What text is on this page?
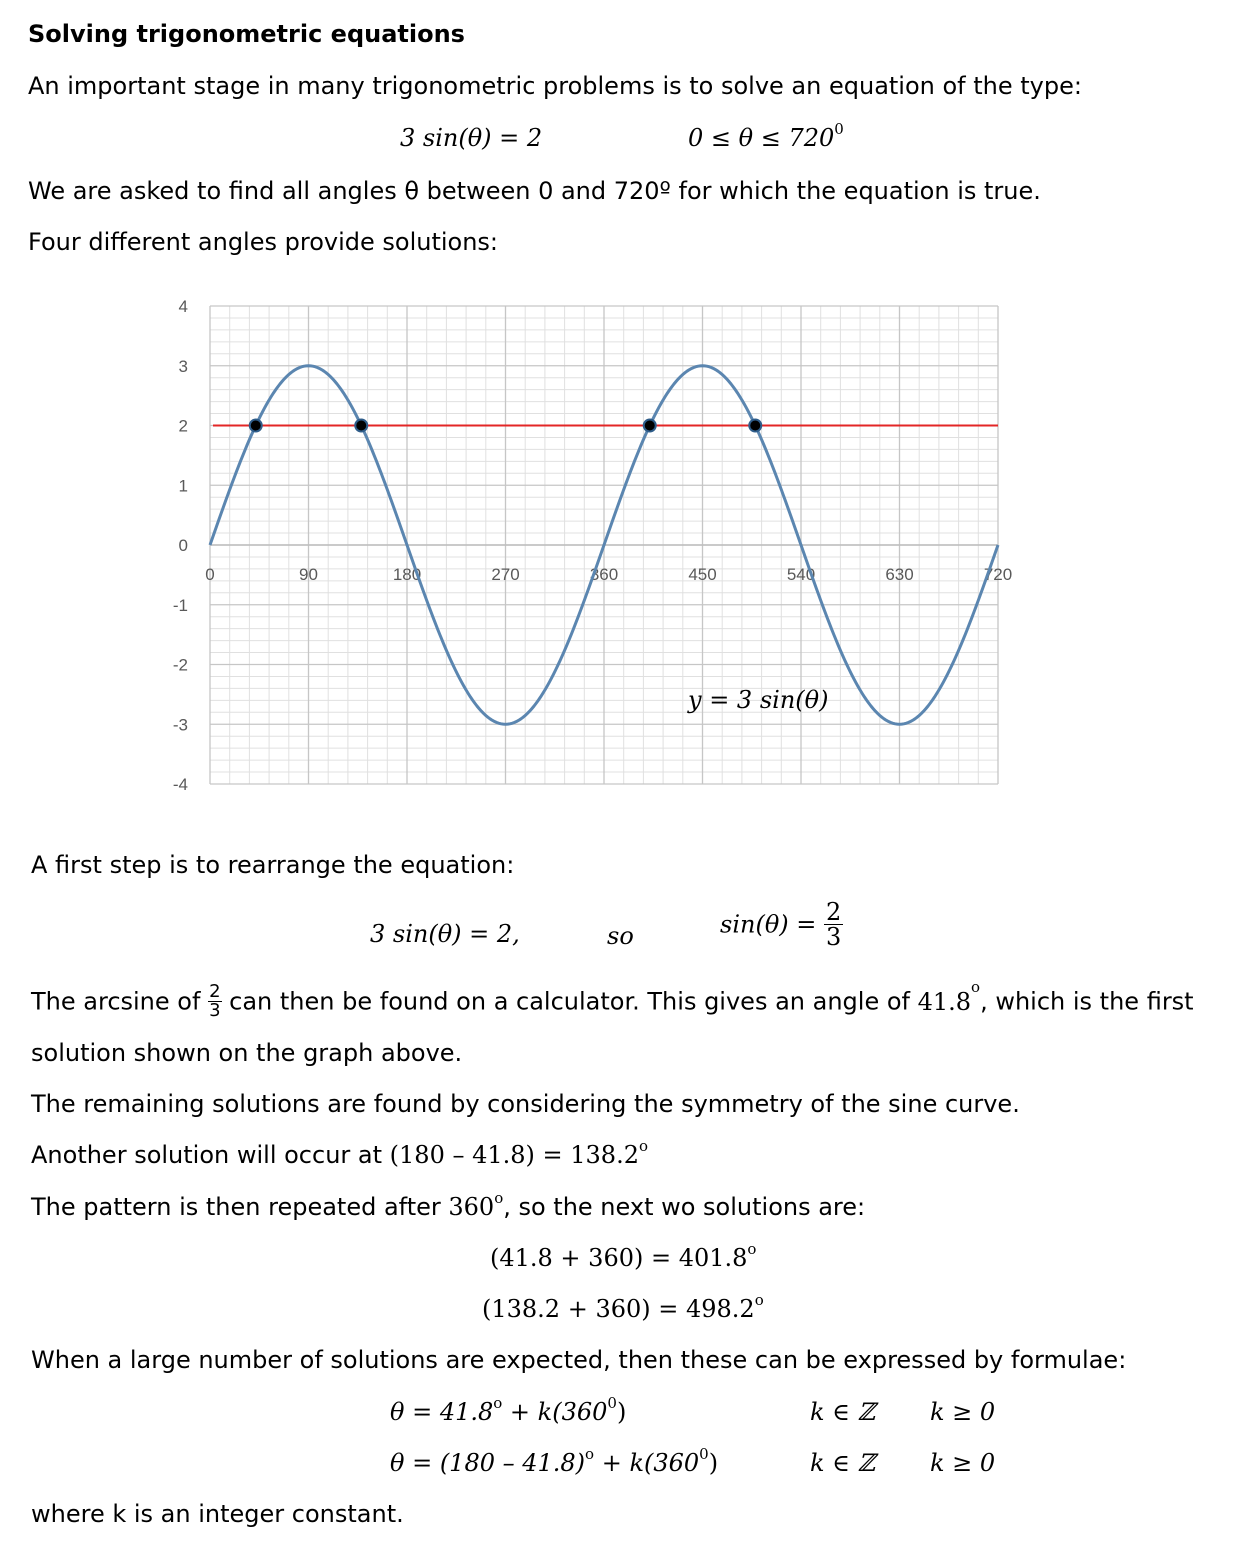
Solving trigonometric equations
An important stage in many trigonometric problems is to solve an equation of the type:
3 sin(θ) = 2	$0 \le \theta \le 720^0$
We are asked to find all angles θ between 0 and 720º for which the equation is true.
Four different angles provide solutions:
4
3
2
1
0
-1
-2
-3
-4
0	90	180	270	360	450	540	630	720
y = 3 sin(θ)
A first step is to rearrange the equation:
3 sin(θ) = 2,	so	$\sin(\theta) = \frac{2}{3}$
The arcsine of $\frac{2}{3}$ can then be found on a calculator. This gives an angle of 41.8$^o$, which is the first
solution shown on the graph above.
The remaining solutions are found by considering the symmetry of the sine curve.
Another solution will occur at $(180 - 41.8) = 138.2^o$
The pattern is then repeated after 360$^o$, so the next wo solutions are:
$(41.8 + 360) = 401.8^o$
$(138.2 + 360) = 498.2^o$
When a large number of solutions are expected, then these can be expressed by formulae:
$\theta = 41.8^o + k(360^0)$	k ∈ ℤ k ≥ 0
$\theta = (180 - 41.8)^o + k(360^0)$	k ∈ ℤ k ≥ 0
where k is an integer constant.
